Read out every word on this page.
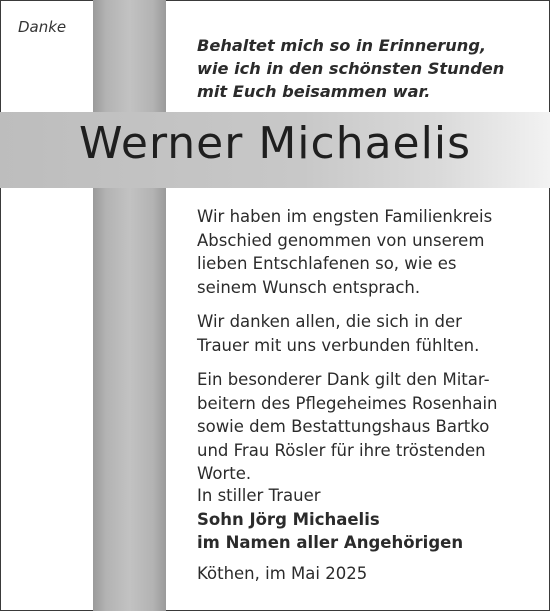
Danke
Behaltet mich so in Erinnerung,
wie ich in den schönsten Stunden
mit Euch beisammen war.
Werner Michaelis

Wir haben im engsten Familienkreis
Abschied genommen von unserem
lieben Entschlafenen so, wie es
seinem Wunsch entsprach.

Wir danken allen, die sich in der
Trauer mit uns verbunden fühlten.

Ein besonderer Dank gilt den Mitar-
beitern des Pflegeheimes Rosenhain
sowie dem Bestattungshaus Bartko
und Frau Rösler für ihre tröstenden
Worte.

In stiller Trauer
Sohn Jörg Michaelis
im Namen aller Angehörigen
Köthen, im Mai 2025
